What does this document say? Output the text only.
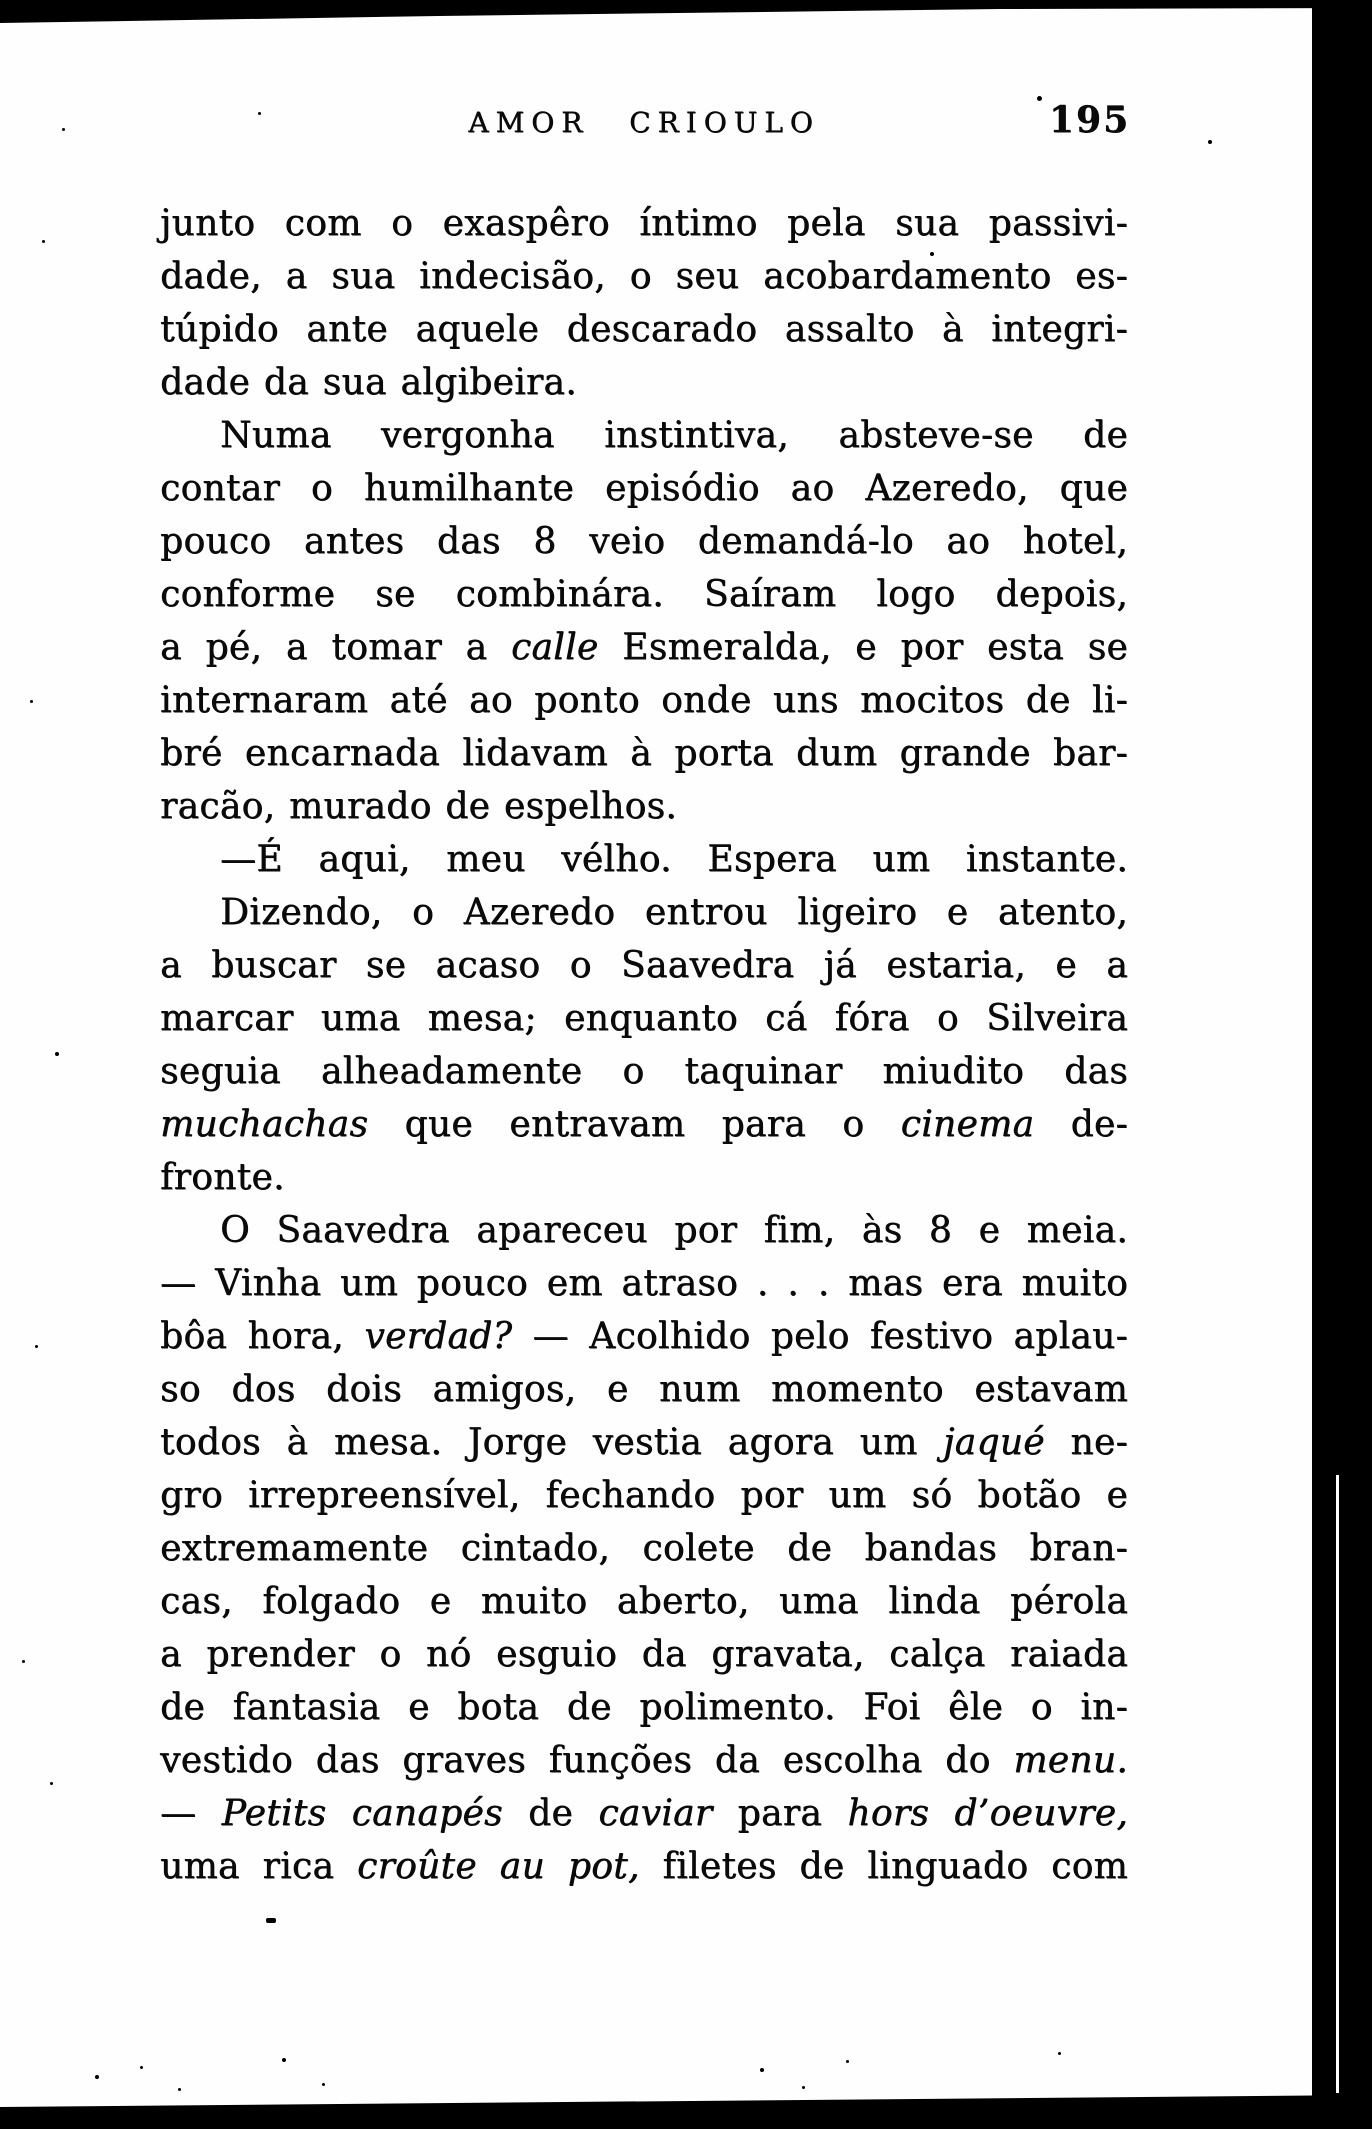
AMOR CRIOULO	195
junto com o exaspêro íntimo pela sua passivi-
dade, a sua indecisão, o seu acobardamento es-
túpido ante aquele descarado assalto à integri-
dade da sua algibeira.
Numa vergonha instintiva, absteve-se de
contar o humilhante episódio ao Azeredo, que
pouco antes das 8 veio demandá-lo ao hotel,
conforme se combinára. Saíram logo depois,
a pé, a tomar a calle Esmeralda, e por esta se
internaram até ao ponto onde uns mocitos de li-
bré encarnada lidavam à porta dum grande bar-
racão, murado de espelhos.
—É aqui, meu vélho. Espera um instante.
Dizendo, o Azeredo entrou ligeiro e atento,
a buscar se acaso o Saavedra já estaria, e a
marcar uma mesa; enquanto cá fóra o Silveira
seguia alheadamente o taquinar miudito das
muchachas que entravam para o cinema de-
fronte.
O Saavedra apareceu por fim, às 8 e meia.
— Vinha um pouco em atraso . . . mas era muito
bôa hora, verdad? — Acolhido pelo festivo aplau-
so dos dois amigos, e num momento estavam
todos à mesa. Jorge vestia agora um jaqué ne-
gro irrepreensível, fechando por um só botão e
extremamente cintado, colete de bandas bran-
cas, folgado e muito aberto, uma linda pérola
a prender o nó esguio da gravata, calça raiada
de fantasia e bota de polimento. Foi êle o in-
vestido das graves funções da escolha do menu.
— Petits canapés de caviar para hors d’oeuvre,
uma rica croûte au pot, filetes de linguado com
